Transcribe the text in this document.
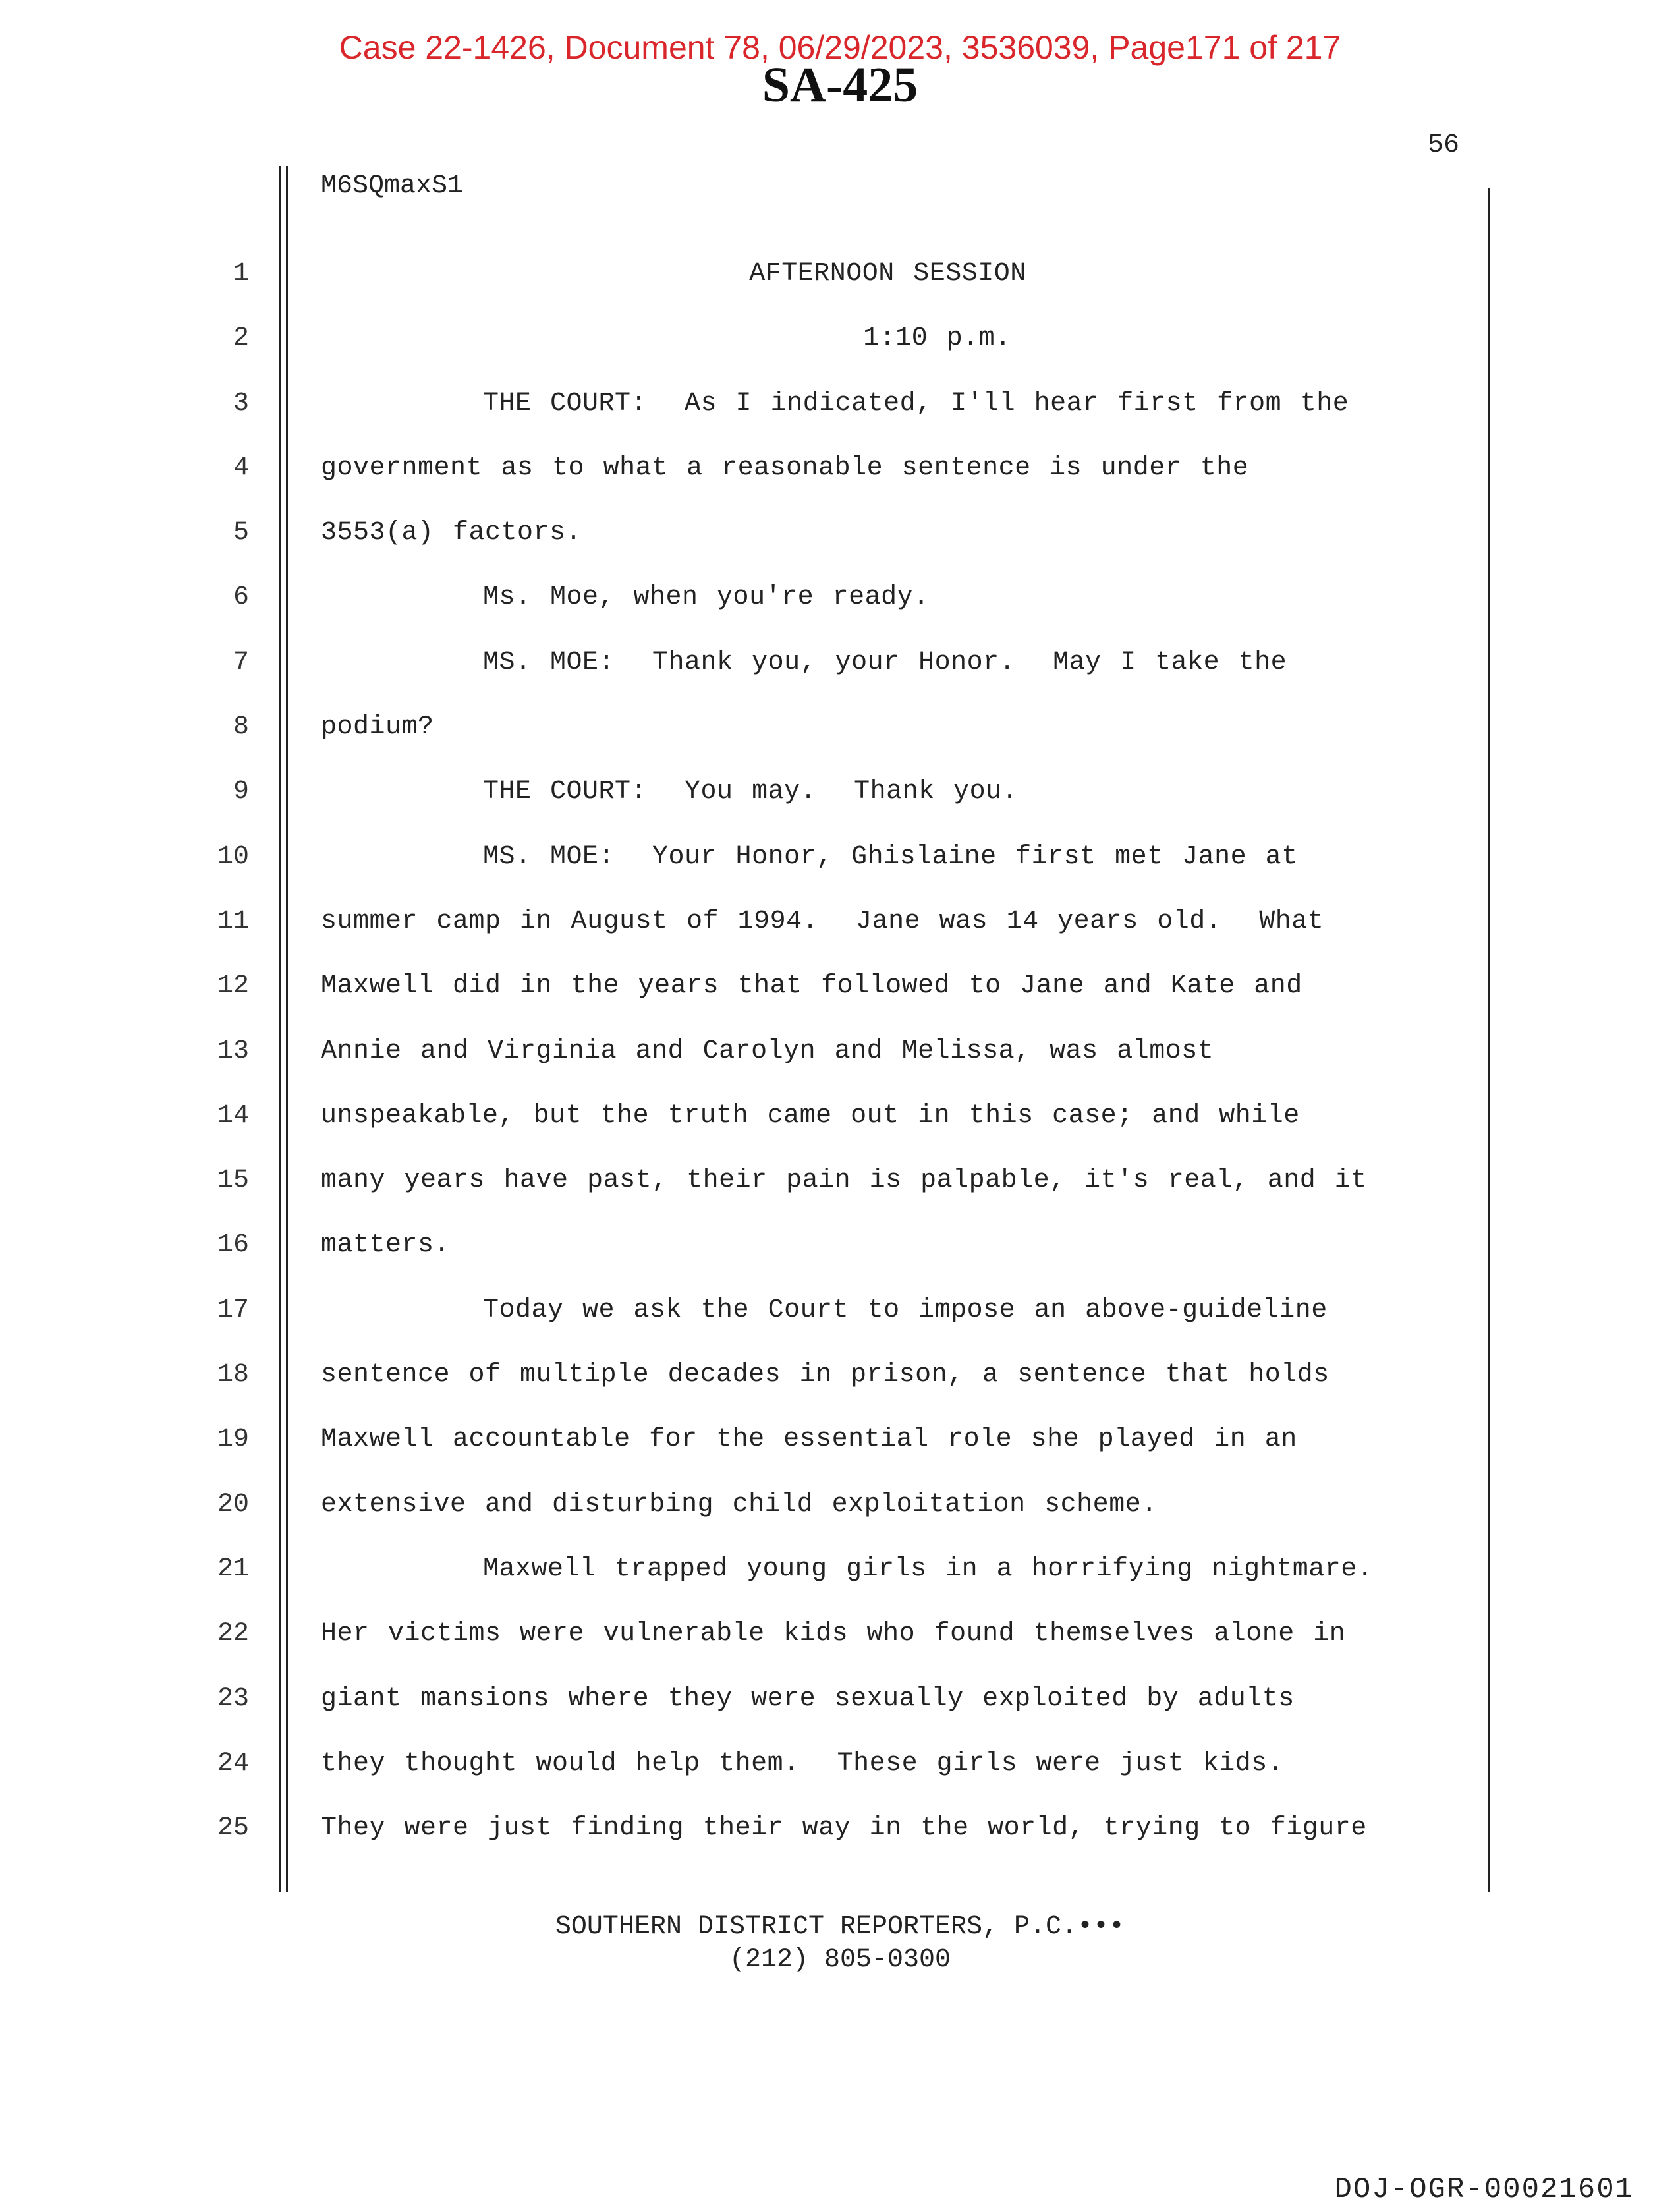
Case 22-1426, Document 78, 06/29/2023, 3536039, Page171 of 217
SA-425
56
M6SQmaxS1
1	AFTERNOON SESSION
2	1:10 p.m.
3	THE COURT:  As I indicated, I'll hear first from the
4	government as to what a reasonable sentence is under the
5	3553(a) factors.
6	Ms. Moe, when you're ready.
7	MS. MOE:  Thank you, your Honor.  May I take the
8	podium?
9	THE COURT:  You may.  Thank you.
10	MS. MOE:  Your Honor, Ghislaine first met Jane at
11	summer camp in August of 1994.  Jane was 14 years old.  What
12	Maxwell did in the years that followed to Jane and Kate and
13	Annie and Virginia and Carolyn and Melissa, was almost
14	unspeakable, but the truth came out in this case; and while
15	many years have past, their pain is palpable, it's real, and it
16	matters.
17	Today we ask the Court to impose an above-guideline
18	sentence of multiple decades in prison, a sentence that holds
19	Maxwell accountable for the essential role she played in an
20	extensive and disturbing child exploitation scheme.
21	Maxwell trapped young girls in a horrifying nightmare.
22	Her victims were vulnerable kids who found themselves alone in
23	giant mansions where they were sexually exploited by adults
24	they thought would help them.  These girls were just kids.
25	They were just finding their way in the world, trying to figure
SOUTHERN DISTRICT REPORTERS, P.C.•••
(212) 805-0300
DOJ-OGR-00021601
